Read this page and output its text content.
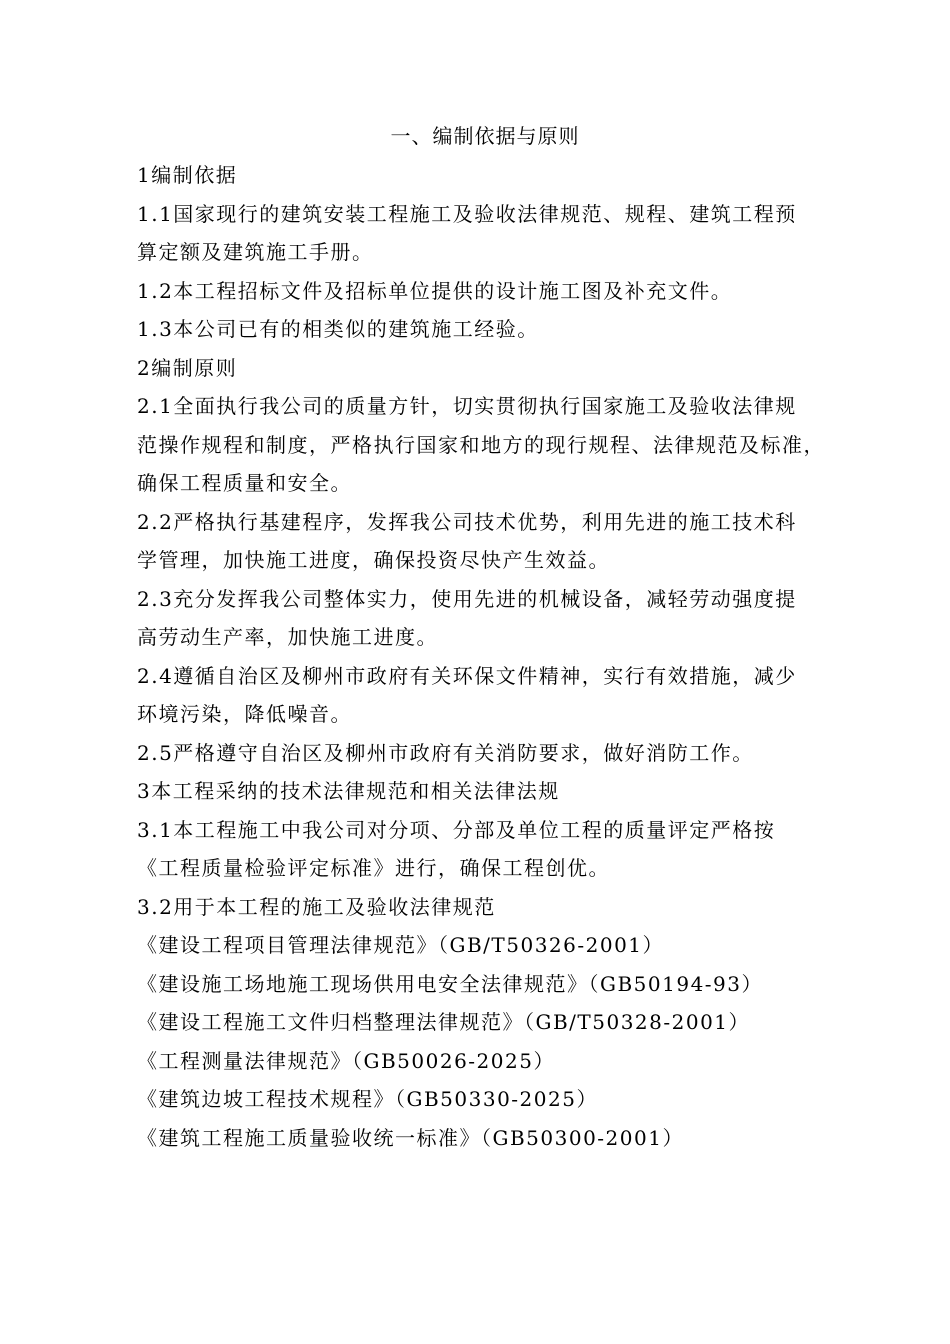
一、编制依据与原则
1编制依据
1.1国家现行的建筑安装工程施工及验收法律规范、规程、建筑工程预
算定额及建筑施工手册。
1.2本工程招标文件及招标单位提供的设计施工图及补充文件。
1.3本公司已有的相类似的建筑施工经验。
2编制原则
2.1全面执行我公司的质量方针，切实贯彻执行国家施工及验收法律规
范操作规程和制度，严格执行国家和地方的现行规程、法律规范及标准，
确保工程质量和安全。
2.2严格执行基建程序，发挥我公司技术优势，利用先进的施工技术科
学管理，加快施工进度，确保投资尽快产生效益。
2.3充分发挥我公司整体实力，使用先进的机械设备，减轻劳动强度提
高劳动生产率，加快施工进度。
2.4遵循自治区及柳州市政府有关环保文件精神，实行有效措施，减少
环境污染，降低噪音。
2.5严格遵守自治区及柳州市政府有关消防要求，做好消防工作。
3本工程采纳的技术法律规范和相关法律法规
3.1本工程施工中我公司对分项、分部及单位工程的质量评定严格按
《工程质量检验评定标准》进行，确保工程创优。
3.2用于本工程的施工及验收法律规范
《建设工程项目管理法律规范》（GB/T50326-2001）
《建设施工场地施工现场供用电安全法律规范》（GB50194-93）
《建设工程施工文件归档整理法律规范》（GB/T50328-2001）
《工程测量法律规范》（GB50026-2025）
《建筑边坡工程技术规程》（GB50330-2025）
《建筑工程施工质量验收统一标准》（GB50300-2001）
